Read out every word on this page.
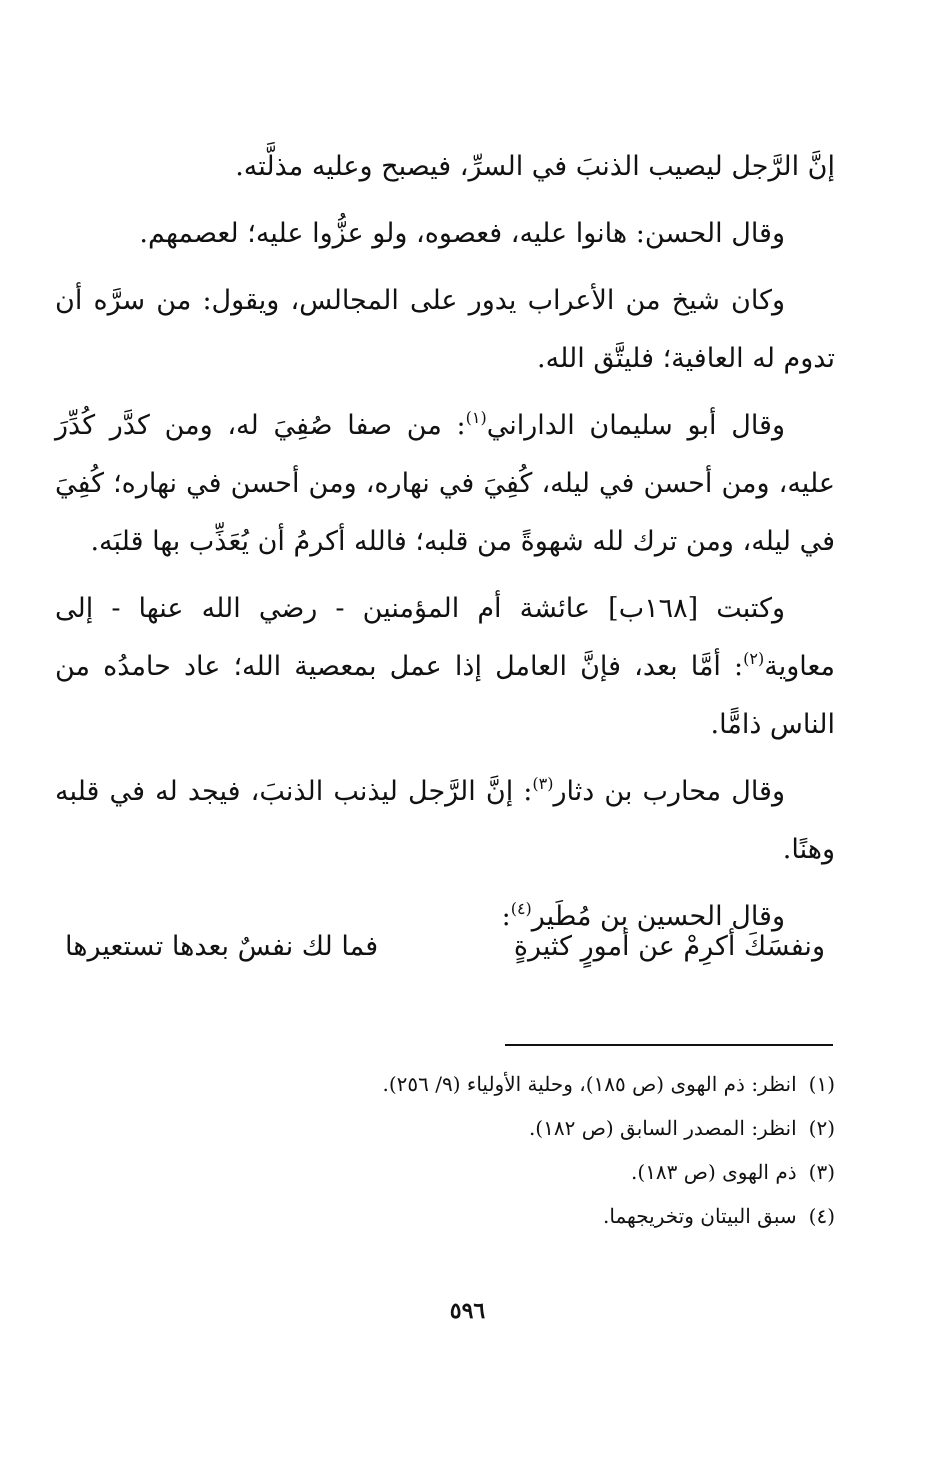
إنَّ الرَّجل ليصيب الذنبَ في السرِّ، فيصبح وعليه مذلَّته.

وقال الحسن: هانوا عليه، فعصوه، ولو عزُّوا عليه؛ لعصمهم.

وكان شيخ من الأعراب يدور على المجالس، ويقول: من سرَّه أن تدوم له العافية؛ فليتَّق الله.

وقال أبو سليمان الداراني$^{(١)}$: من صفا صُفِيَ له، ومن كدَّر كُدِّرَ عليه، ومن أحسن في ليله، كُفِيَ في نهاره، ومن أحسن في نهاره؛ كُفِيَ في ليله، ومن ترك لله شهوةً من قلبه؛ فالله أكرمُ أن يُعَذِّب بها قلبَه.

وكتبت [١٦٨ب] عائشة أم المؤمنين - رضي الله عنها - إلى معاوية$^{(٢)}$: أمَّا بعد، فإنَّ العامل إذا عمل بمعصية الله؛ عاد حامدُه من الناس ذامًّا.

وقال محارب بن دثار$^{(٣)}$: إنَّ الرَّجل ليذنب الذنبَ، فيجد له في قلبه وهنًا.

وقال الحسين بن مُطَير$^{(٤)}$:

ونفسَكَ أكرِمْ عن أمورٍ كثيرةٍ
فما لك نفسٌ بعدها تستعيرها
(١)
انظر: ذم الهوى (ص ١٨٥)، وحلية الأولياء (٩/ ٢٥٦).
(٢)
انظر: المصدر السابق (ص ١٨٢).
(٣)
ذم الهوى (ص ١٨٣).
(٤)
سبق البيتان وتخريجهما.
٥٩٦
